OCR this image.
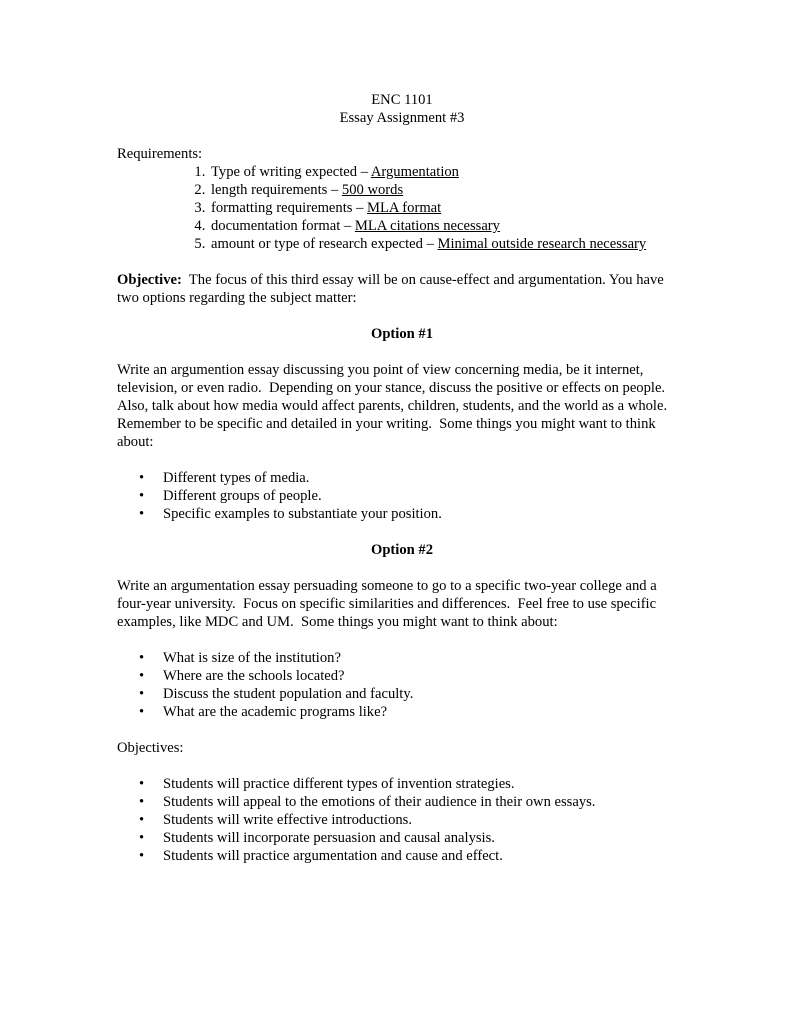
ENC 1101
Essay Assignment #3
Requirements:
1. Type of writing expected – Argumentation
2. length requirements – 500 words
3. formatting requirements – MLA format
4. documentation format – MLA citations necessary
5. amount or type of research expected – Minimal outside research necessary

Objective: The focus of this third essay will be on cause-effect and argumentation. You have two options regarding the subject matter:

Option #1

Write an argumention essay discussing you point of view concerning media, be it internet, television, or even radio.  Depending on your stance, discuss the positive or effects on people.  Also, talk about how media would affect parents, children, students, and the world as a whole.  Remember to be specific and detailed in your writing.  Some things you might want to think about:

• Different types of media.
• Different groups of people.
• Specific examples to substantiate your position.
Option #2

Write an argumentation essay persuading someone to go to a specific two-year college and a four-year university.  Focus on specific similarities and differences.  Feel free to use specific examples, like MDC and UM.  Some things you might want to think about:

• What is size of the institution?
• Where are the schools located?
• Discuss the student population and faculty.
• What are the academic programs like?
Objectives:
• Students will practice different types of invention strategies.
• Students will appeal to the emotions of their audience in their own essays.
• Students will write effective introductions.
• Students will incorporate persuasion and causal analysis.
• Students will practice argumentation and cause and effect.
